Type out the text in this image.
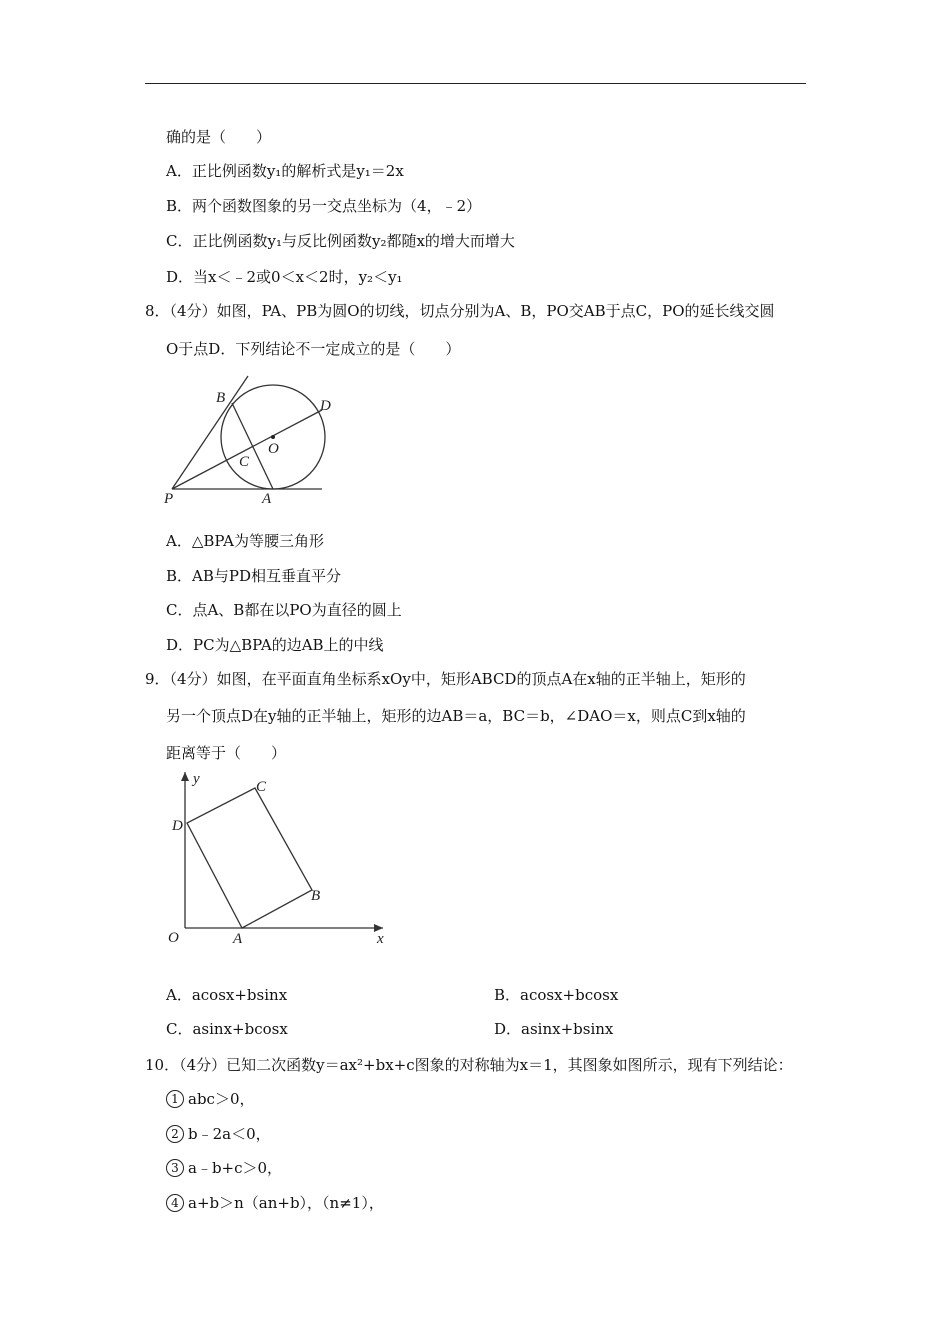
确的是（　　）
A．正比例函数y₁的解析式是y₁＝2x
B．两个函数图象的另一交点坐标为（4，﹣2）
C．正比例函数y₁与反比例函数y₂都随x的增大而增大
D．当x＜﹣2或0＜x＜2时，y₂＜y₁
8．（4分）如图，PA、PB为圆O的切线，切点分别为A、B，PO交AB于点C，PO的延长线交圆
O于点D．下列结论不一定成立的是（　　）
B	D
O
C
P	A
A．△BPA为等腰三角形
B．AB与PD相互垂直平分
C．点A、B都在以PO为直径的圆上
D．PC为△BPA的边AB上的中线
9．（4分）如图，在平面直角坐标系xOy中，矩形ABCD的顶点A在x轴的正半轴上，矩形的
另一个顶点D在y轴的正半轴上，矩形的边AB＝a，BC＝b，∠DAO＝x，则点C到x轴的
距离等于（　　）
y	C
D
B
O	A	x
A．acosx+bsinx	B．acosx+bcosx
C．asinx+bcosx	D．asinx+bsinx
10．（4分）已知二次函数y＝ax²+bx+c图象的对称轴为x＝1，其图象如图所示，现有下列结论：
1 abc＞0，
2 b﹣2a＜0，
3 a﹣b+c＞0，
4 a+b＞n（an+b），（n≠1），
